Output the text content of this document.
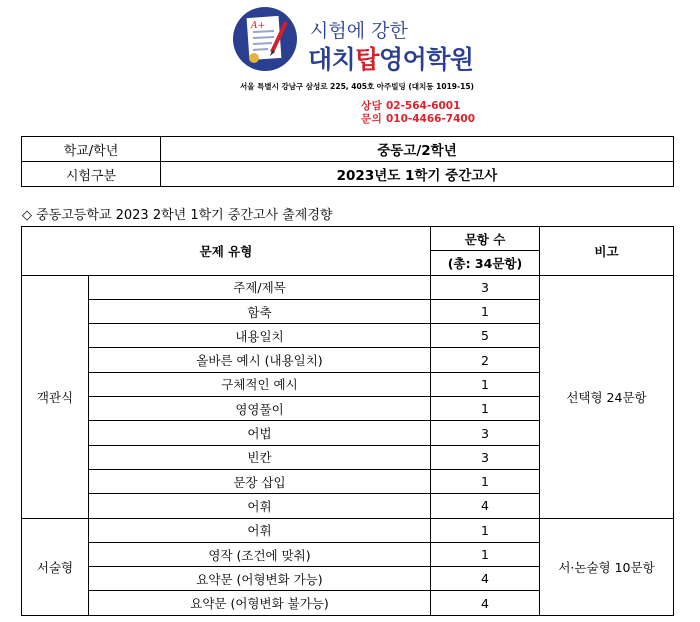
A+ 시험에 강한
대치탑영어학원
서울 특별시 강남구 삼성로 225, 405호 아주빌딩 (대치동 1019-15)
상담 02-564-6001
문의 010-4466-7400
학교/학년	중동고/2학년
시험구분	2023년도 1학기 중간고사
◇ 중동고등학교 2023 2학년 1학기 중간고사 출제경향
문제 유형		문항 수	비고
		(총: 34문항)	
객관식	주제/제목	3	선택형 24문항
	함축	1	
	내용일치	5	
	올바른 예시 (내용일치)	2	
	구체적인 예시	1	
	영영풀이	1	
	어법	3	
	빈칸	3	
	문장 삽입	1	
	어휘	4	
서술형	어휘	1	서·논술형 10문항
	영작 (조건에 맞춰)	1	
	요약문 (어형변화 가능)	4	
	요약문 (어형변화 불가능)	4	
